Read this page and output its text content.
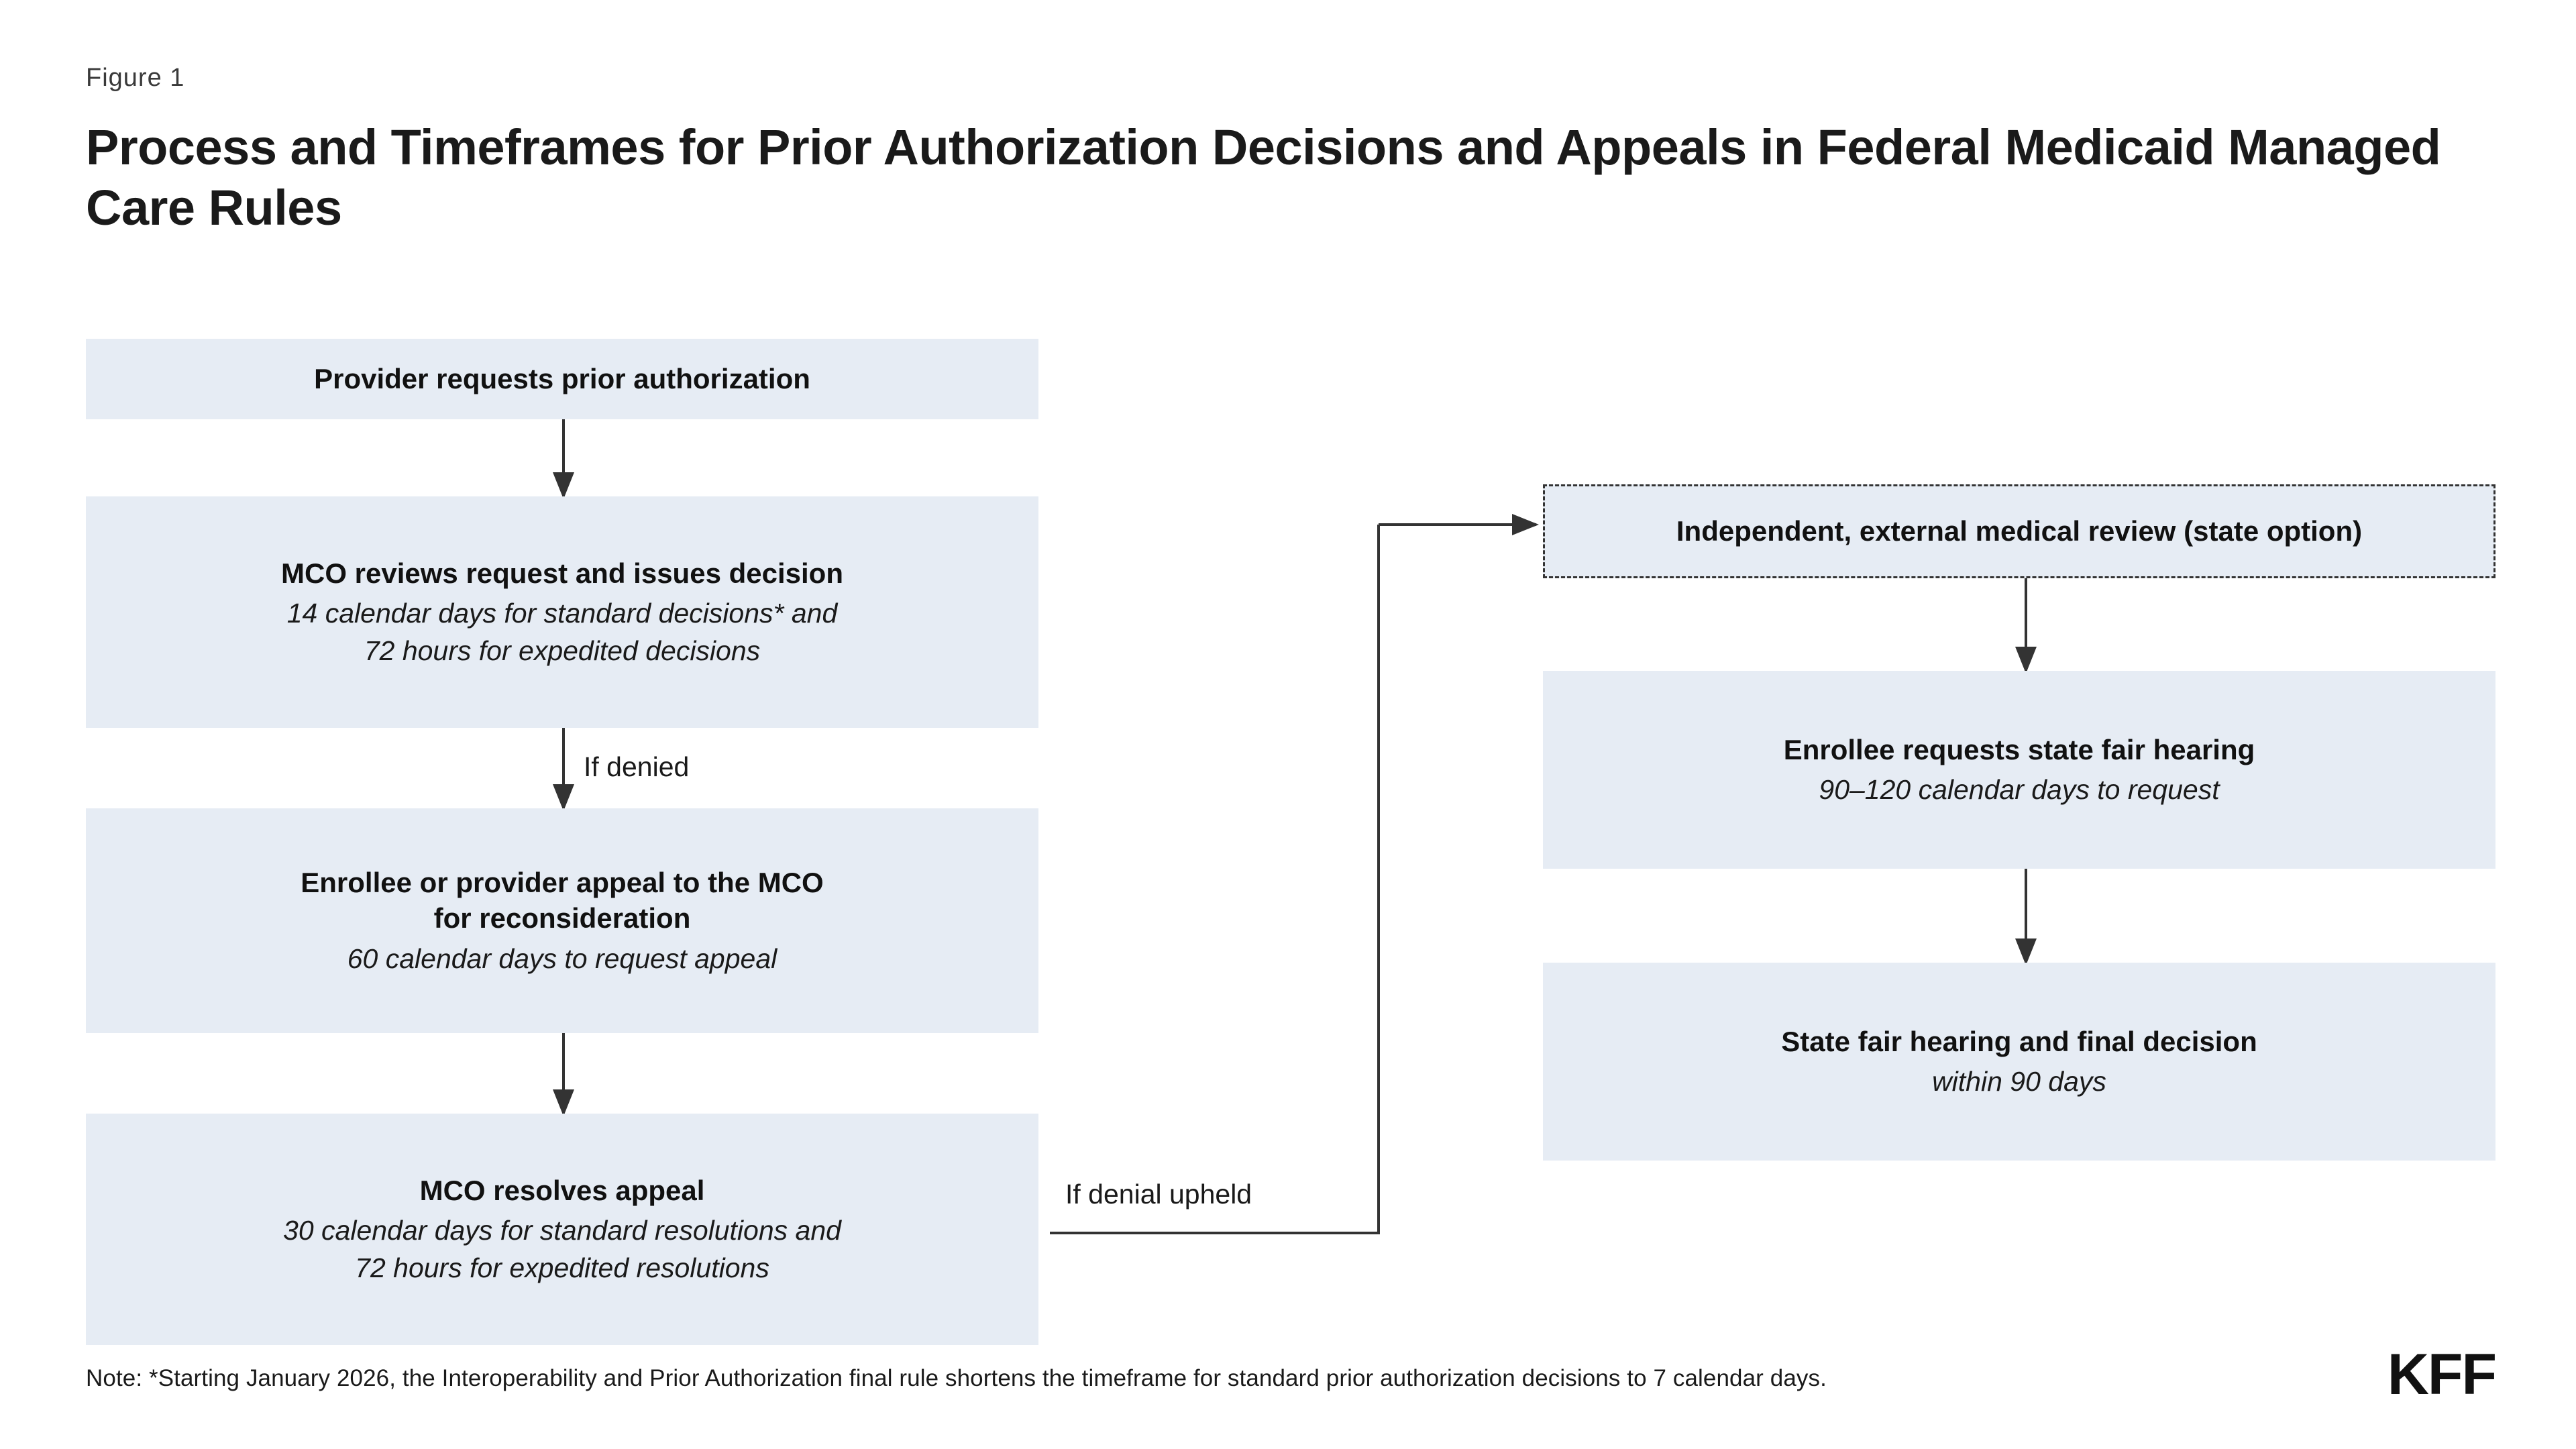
Figure 1
Process and Timeframes for Prior Authorization Decisions and Appeals in Federal Medicaid Managed Care Rules
Provider requests prior authorization
MCO reviews request and issues decision
14 calendar days for standard decisions* and
72 hours for expedited decisions
If denied
Enrollee or provider appeal to the MCO
for reconsideration
60 calendar days to request appeal
MCO resolves appeal
30 calendar days for standard resolutions and
72 hours for expedited resolutions
If denial upheld
Independent, external medical review (state option)
Enrollee requests state fair hearing
90–120 calendar days to request
State fair hearing and final decision
within 90 days
Note: *Starting January 2026, the Interoperability and Prior Authorization final rule shortens the timeframe for standard prior authorization decisions to 7 calendar days.	KFF
